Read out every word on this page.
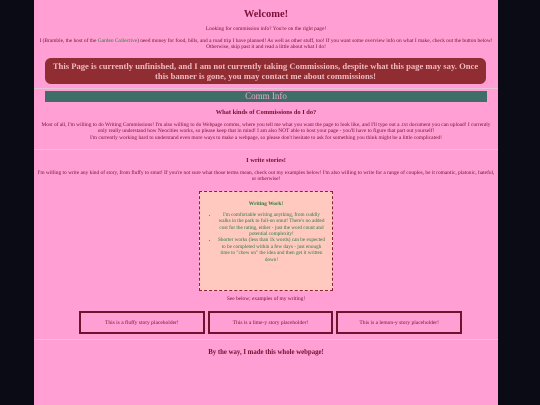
Welcome!

Looking for commission info? You're on the right page!

I (Bramble, the host of the Garden Collective) need money for food, bills, and a road trip I have planned! As well as other stuff, too! If you want some overview info on what I make, check out the button below! Otherwise, skip past it and read a little about what I do!

This Page is currently unfinished, and I am not currently taking Commissions, despite what this page may say. Once this banner is gone, you may contact me about commissions!
Comm Info
What kinds of Commissions do I do?

Most of all, I'm willing to do Writing Commissions! I'm also willing to do Webpage comms, where you tell me what you want the page to look like, and I'll type out a .txt document you can upload! I currently only really understand how Neocities works, so please keep that in mind! I am also NOT able to host your page - you'll have to figure that part out yourself!

I'm currently working hard to understand even more ways to make a webpage, so please don't hesitate to ask for something you think might be a little complicated!

I write stories!

I'm willing to write any kind of story, from fluffy to smut! If you're not sure what those terms mean, check out my examples below! I'm also willing to write for a range of couples, be it romantic, platonic, hateful, or otherwise!

Writing Work!
• I'm comfortable writing anything, from cuddly walks in the park to full-on smut! There's no added cost for the rating, either - just the word count and potential complexity!
• Shorter works (less than 1k words) can be expected to be completed within a few days - just enough time to "chew on" the idea and then get it written down!

See below; examples of my writing!

This is a fluffy story placeholder!	This is a lime-y story placeholder!	This is a lemon-y story placeholder!
By the way, I made this whole webpage!
